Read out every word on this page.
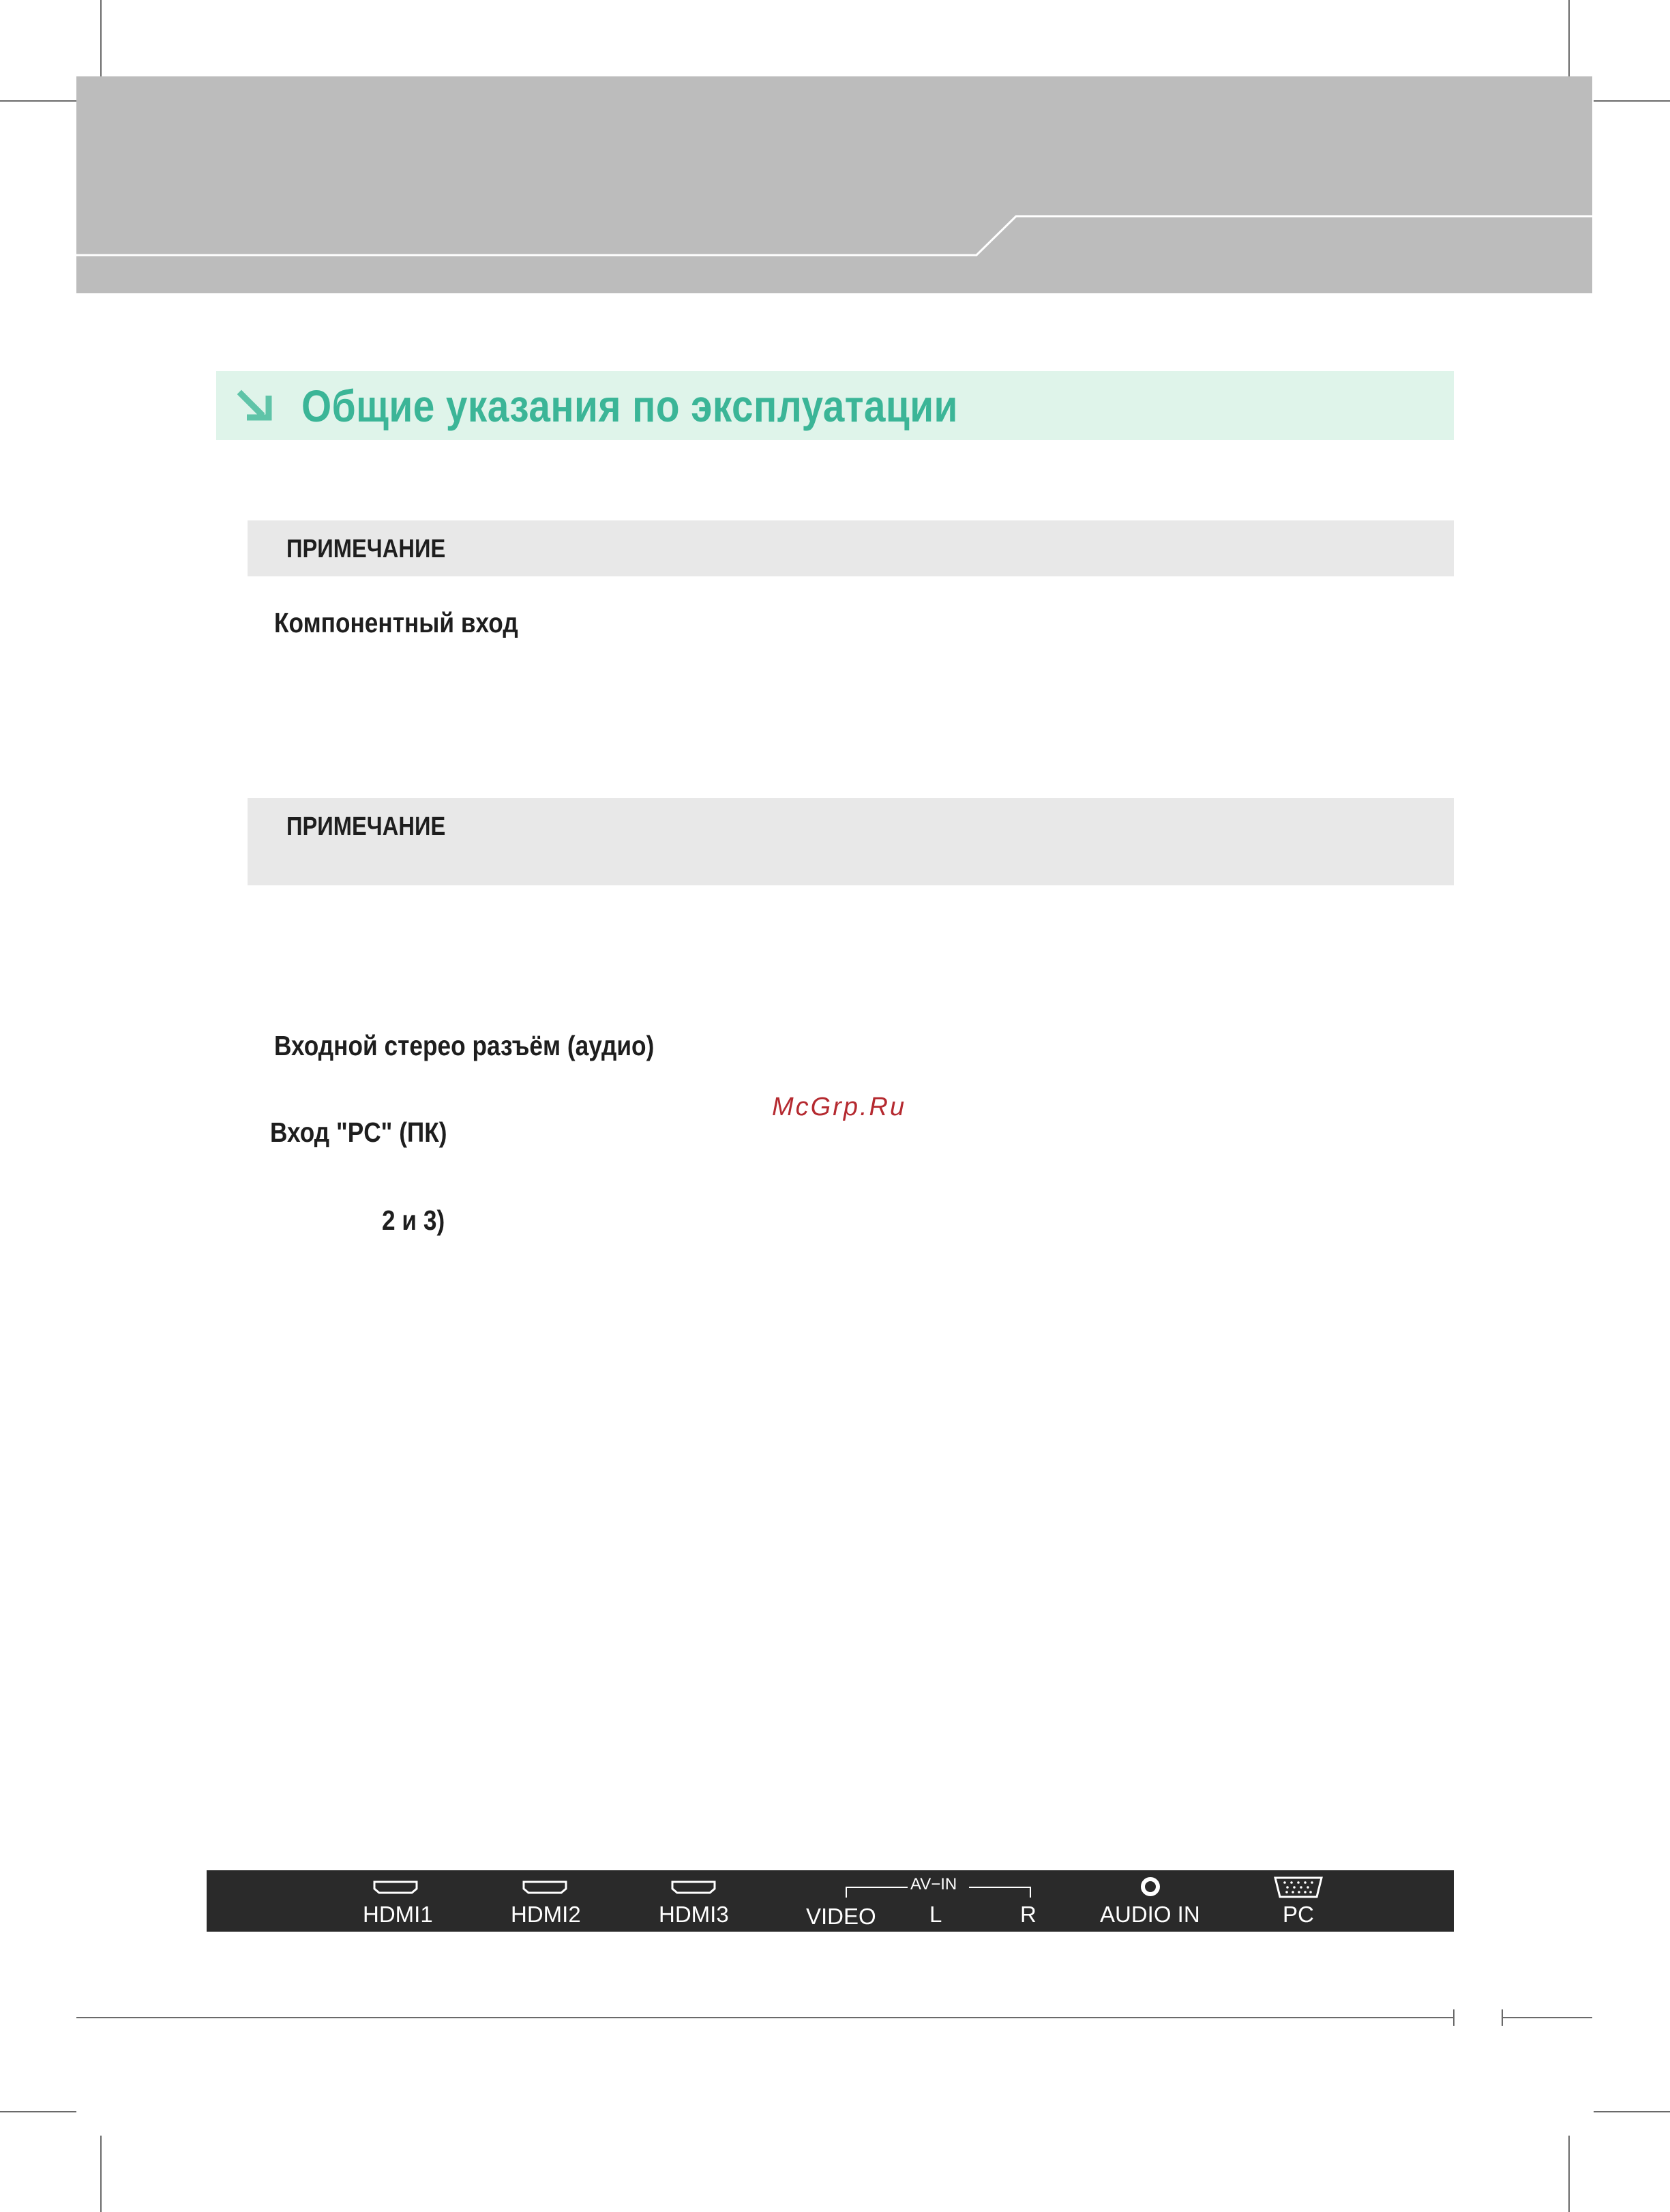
Общие указания по эксплуатации
ПРИМЕЧАНИЕ
Компонентный вход
ПРИМЕЧАНИЕ
Входной стерео разъём (аудио)
McGrp.Ru
Вход "PC" (ПК)
2 и 3)
AV−IN
HDMI1	HDMI2	HDMI3	VIDEO L	R	AUDIO IN	PC
